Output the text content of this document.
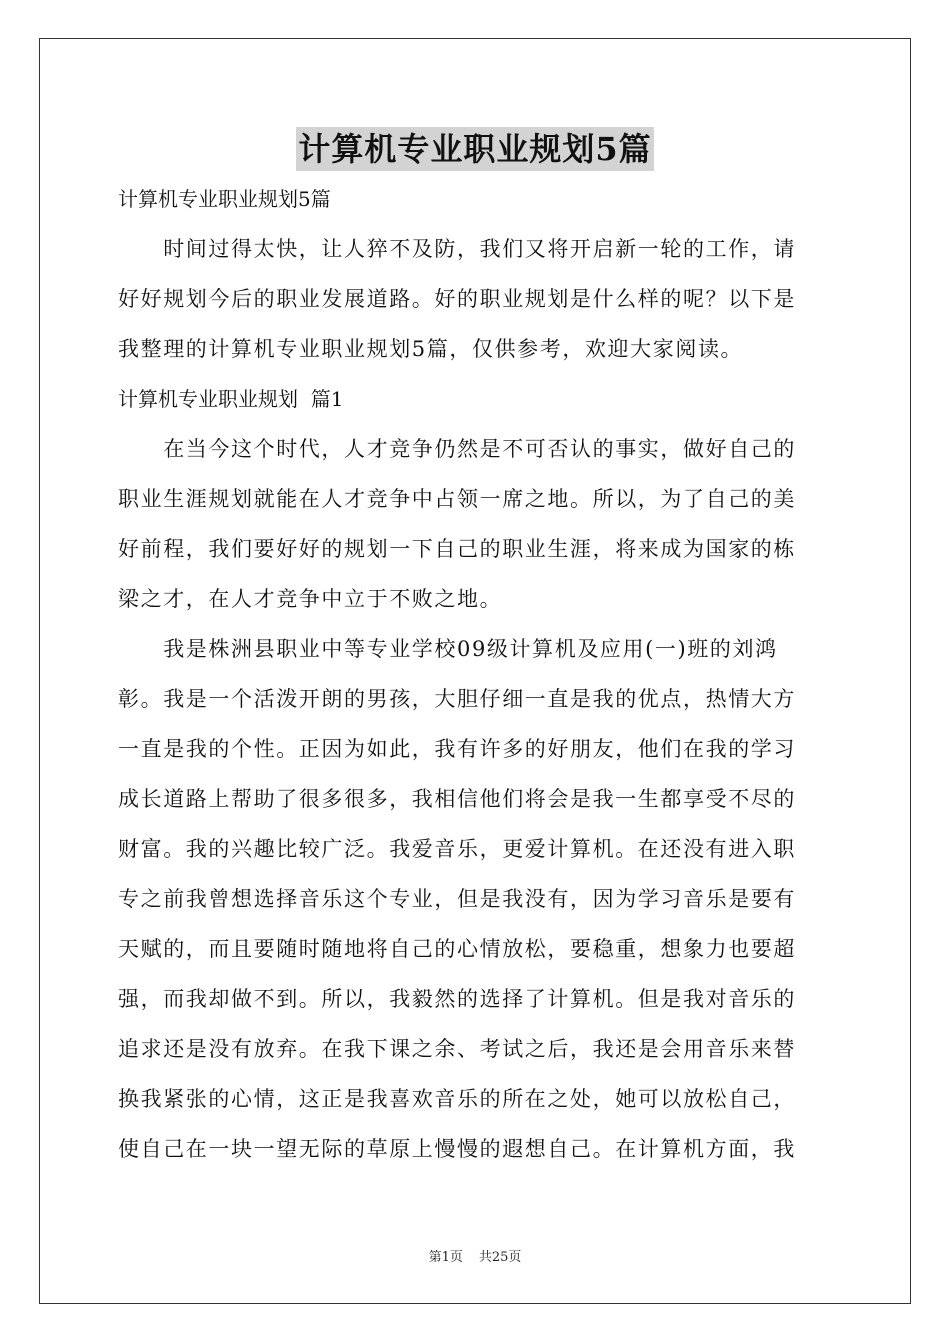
计算机专业职业规划5篇

计算机专业职业规划5篇

　　时间过得太快，让人猝不及防，我们又将开启新一轮的工作，请

好好规划今后的职业发展道路。好的职业规划是什么样的呢？以下是

我整理的计算机专业职业规划5篇，仅供参考，欢迎大家阅读。

计算机专业职业规划  篇1

　　在当今这个时代，人才竞争仍然是不可否认的事实，做好自己的

职业生涯规划就能在人才竞争中占领一席之地。所以，为了自己的美

好前程，我们要好好的规划一下自己的职业生涯，将来成为国家的栋

梁之才，在人才竞争中立于不败之地。

　　我是株洲县职业中等专业学校09级计算机及应用(一)班的刘鸿

彰。我是一个活泼开朗的男孩，大胆仔细一直是我的优点，热情大方

一直是我的个性。正因为如此，我有许多的好朋友，他们在我的学习

成长道路上帮助了很多很多，我相信他们将会是我一生都享受不尽的

财富。我的兴趣比较广泛。我爱音乐，更爱计算机。在还没有进入职

专之前我曾想选择音乐这个专业，但是我没有，因为学习音乐是要有

天赋的，而且要随时随地将自己的心情放松，要稳重，想象力也要超

强，而我却做不到。所以，我毅然的选择了计算机。但是我对音乐的

追求还是没有放弃。在我下课之余、考试之后，我还是会用音乐来替

换我紧张的心情，这正是我喜欢音乐的所在之处，她可以放松自己，

使自己在一块一望无际的草原上慢慢的遐想自己。在计算机方面，我

第1页 共25页
